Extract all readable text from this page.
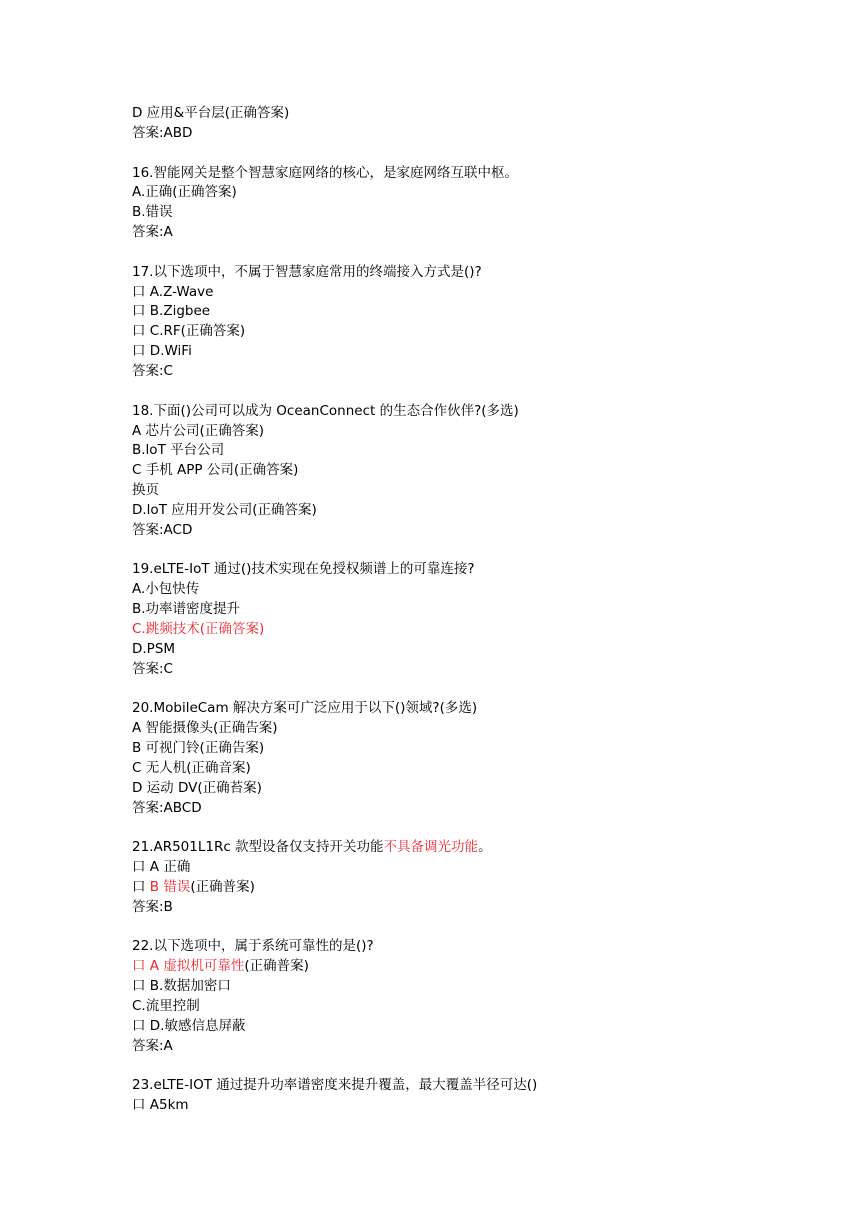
D 应用&平台层(正确答案)
答案:ABD
16.智能网关是整个智慧家庭网络的核心，是家庭网络互联中枢。
A.正确(正确答案)
B.错误
答案:A
17.以下选项中，不属于智慧家庭常用的终端接入方式是()?
口 A.Z-Wave
口 B.Zigbee
口 C.RF(正确答案)
口 D.WiFi
答案:C
18.下面()公司可以成为 OceanConnect 的生态合作伙伴?(多选)
A 芯片公司(正确答案)
B.loT 平台公司
C 手机 APP 公司(正确答案)
换页
D.loT 应用开发公司(正确答案)
答案:ACD
19.eLTE-IoT 通过()技术实现在免授权频谱上的可靠连接?
A.小包快传
B.功率谱密度提升
C.跳频技术(正确答案)
D.PSM
答案:C
20.MobileCam 解决方案可广泛应用于以下()领域?(多选)
A 智能摄像头(正确告案)
B 可视门铃(正确告案)
C 无人机(正确音案)
D 运动 DV(正确苔案)
答案:ABCD
21.AR501L1Rc 款型设备仅支持开关功能不具备调光功能。
口 A 正确
口 B 错误(正确普案)
答案:B
22.以下选项中，属于系统可靠性的是()?
口 A 虚拟机可靠性(正确普案)
口 B.数据加密口
C.流里控制
口 D.敏感信息屏蔽
答案:A
23.eLTE-IOT 通过提升功率谱密度来提升覆盖，最大覆盖半径可达()
口 A5km
